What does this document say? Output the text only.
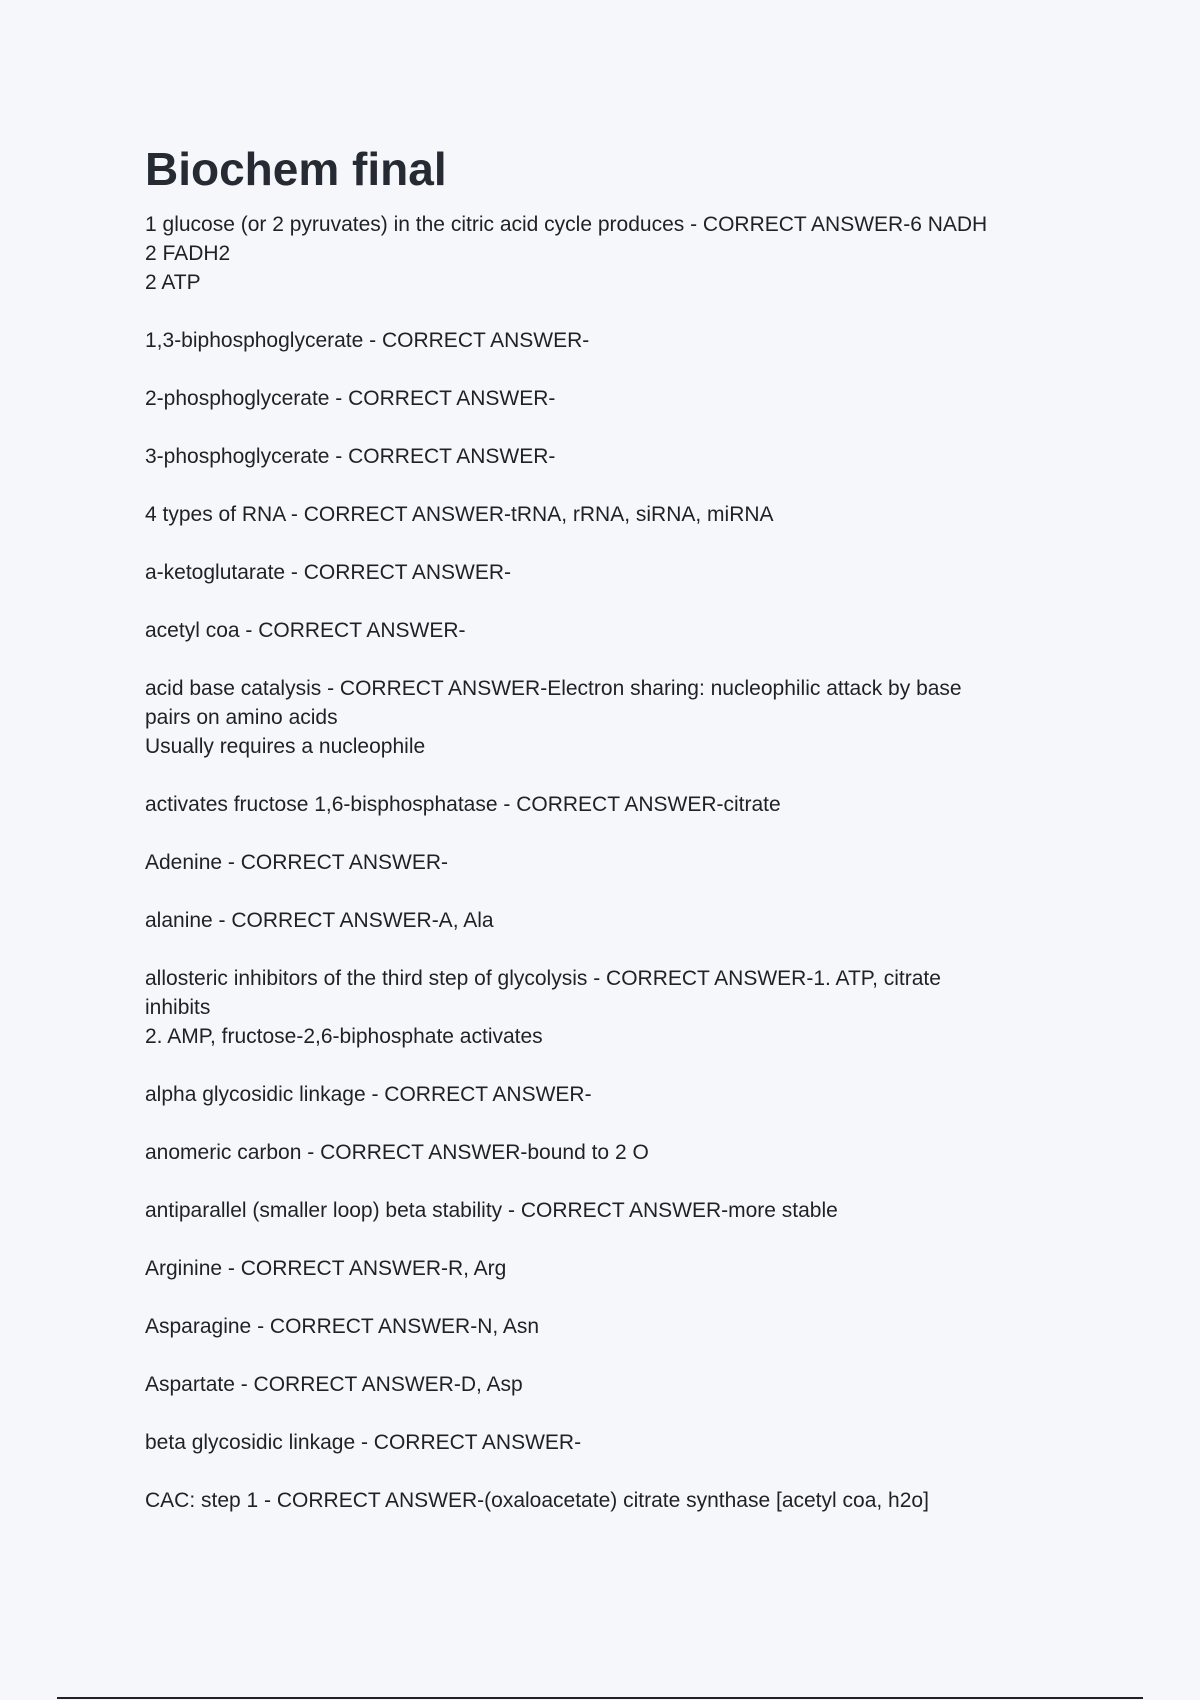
Biochem final
1 glucose (or 2 pyruvates) in the citric acid cycle produces - CORRECT ANSWER-6 NADH
2 FADH2
2 ATP
1,3-biphosphoglycerate - CORRECT ANSWER-
2-phosphoglycerate - CORRECT ANSWER-
3-phosphoglycerate - CORRECT ANSWER-
4 types of RNA - CORRECT ANSWER-tRNA, rRNA, siRNA, miRNA
a-ketoglutarate - CORRECT ANSWER-
acetyl coa - CORRECT ANSWER-
acid base catalysis - CORRECT ANSWER-Electron sharing: nucleophilic attack by base
pairs on amino acids
Usually requires a nucleophile
activates fructose 1,6-bisphosphatase - CORRECT ANSWER-citrate
Adenine - CORRECT ANSWER-
alanine - CORRECT ANSWER-A, Ala
allosteric inhibitors of the third step of glycolysis - CORRECT ANSWER-1. ATP, citrate
inhibits
2. AMP, fructose-2,6-biphosphate activates
alpha glycosidic linkage - CORRECT ANSWER-
anomeric carbon - CORRECT ANSWER-bound to 2 O
antiparallel (smaller loop) beta stability - CORRECT ANSWER-more stable
Arginine - CORRECT ANSWER-R, Arg
Asparagine - CORRECT ANSWER-N, Asn
Aspartate - CORRECT ANSWER-D, Asp
beta glycosidic linkage - CORRECT ANSWER-
CAC: step 1 - CORRECT ANSWER-(oxaloacetate) citrate synthase [acetyl coa, h2o]
